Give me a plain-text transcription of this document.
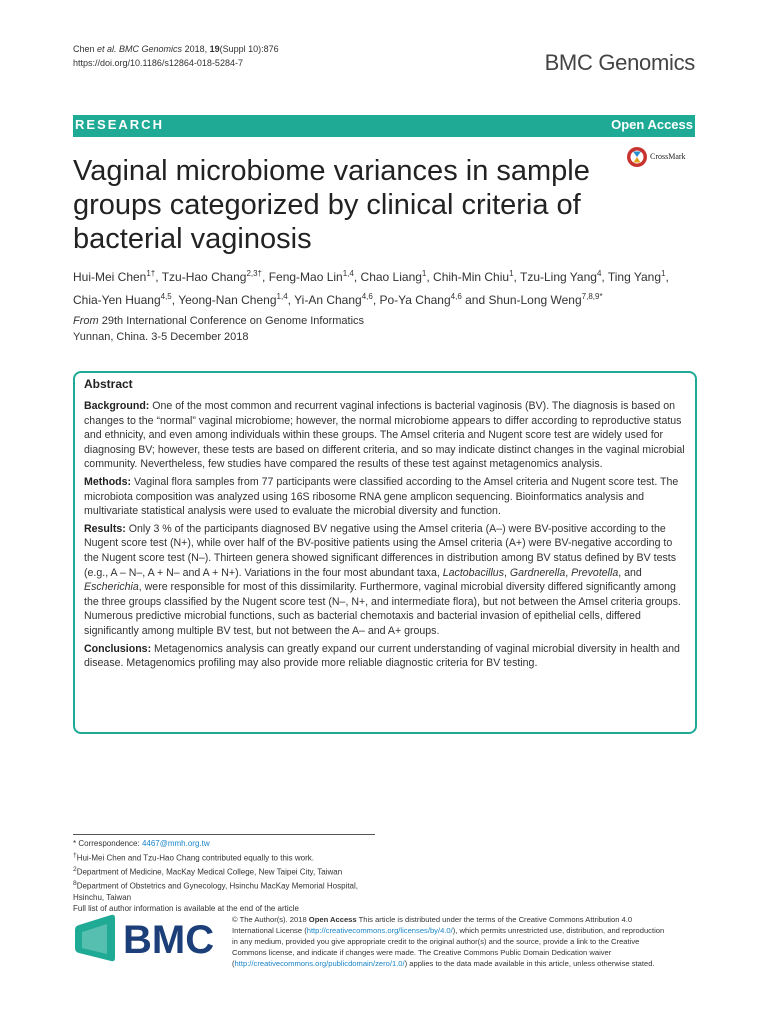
Chen et al. BMC Genomics 2018, 19(Suppl 10):876
https://doi.org/10.1186/s12864-018-5284-7	BMC Genomics
RESEARCH	Open Access
Vaginal microbiome variances in sample groups categorized by clinical criteria of bacterial vaginosis
CrossMark
Hui-Mei Chen$^{1\dagger}$, Tzu-Hao Chang$^{2,3\dagger}$, Feng-Mao Lin$^{1,4}$, Chao Liang$^1$, Chih-Min Chiu$^1$, Tzu-Ling Yang$^4$, Ting Yang$^1$, Chia-Yen Huang$^{4,5}$, Yeong-Nan Cheng$^{1,4}$, Yi-An Chang$^{4,6}$, Po-Ya Chang$^{4,6}$ and Shun-Long Weng$^{7,8,9*}$
From 29th International Conference on Genome Informatics
Yunnan, China. 3-5 December 2018
Abstract

Background: One of the most common and recurrent vaginal infections is bacterial vaginosis (BV). The diagnosis is based on changes to the “normal” vaginal microbiome; however, the normal microbiome appears to differ according to reproductive status and ethnicity, and even among individuals within these groups. The Amsel criteria and Nugent score test are widely used for diagnosing BV; however, these tests are based on different criteria, and so may indicate distinct changes in the vaginal microbial community. Nevertheless, few studies have compared the results of these test against metagenomics analysis.

Methods: Vaginal flora samples from 77 participants were classified according to the Amsel criteria and Nugent score test. The microbiota composition was analyzed using 16S ribosome RNA gene amplicon sequencing. Bioinformatics analysis and multivariate statistical analysis were used to evaluate the microbial diversity and function.

Results: Only 3 % of the participants diagnosed BV negative using the Amsel criteria (A–) were BV-positive according to the Nugent score test (N+), while over half of the BV-positive patients using the Amsel criteria (A+) were BV-negative according to the Nugent score test (N–). Thirteen genera showed significant differences in distribution among BV status defined by BV tests (e.g., A – N–, A + N– and A + N+). Variations in the four most abundant taxa, Lactobacillus, Gardnerella, Prevotella, and Escherichia, were responsible for most of this dissimilarity. Furthermore, vaginal microbial diversity differed significantly among the three groups classified by the Nugent score test (N–, N+, and intermediate flora), but not between the Amsel criteria groups. Numerous predictive microbial functions, such as bacterial chemotaxis and bacterial invasion of epithelial cells, differed significantly among multiple BV test, but not between the A– and A+ groups.

Conclusions: Metagenomics analysis can greatly expand our current understanding of vaginal microbial diversity in health and disease. Metagenomics profiling may also provide more reliable diagnostic criteria for BV testing.

* Correspondence: 4467@mmh.org.tw
†Hui-Mei Chen and Tzu-Hao Chang contributed equally to this work.
$^2$Department of Medicine, MacKay Medical College, New Taipei City, Taiwan
$^8$Department of Obstetrics and Gynecology, Hsinchu MacKay Memorial Hospital, Hsinchu, Taiwan
Full list of author information is available at the end of the article
BMC © The Author(s). 2018 Open Access This article is distributed under the terms of the Creative Commons Attribution 4.0 International License (http://creativecommons.org/licenses/by/4.0/), which permits unrestricted use, distribution, and reproduction in any medium, provided you give appropriate credit to the original author(s) and the source, provide a link to the Creative Commons license, and indicate if changes were made. The Creative Commons Public Domain Dedication waiver (http://creativecommons.org/publicdomain/zero/1.0/) applies to the data made available in this article, unless otherwise stated.
